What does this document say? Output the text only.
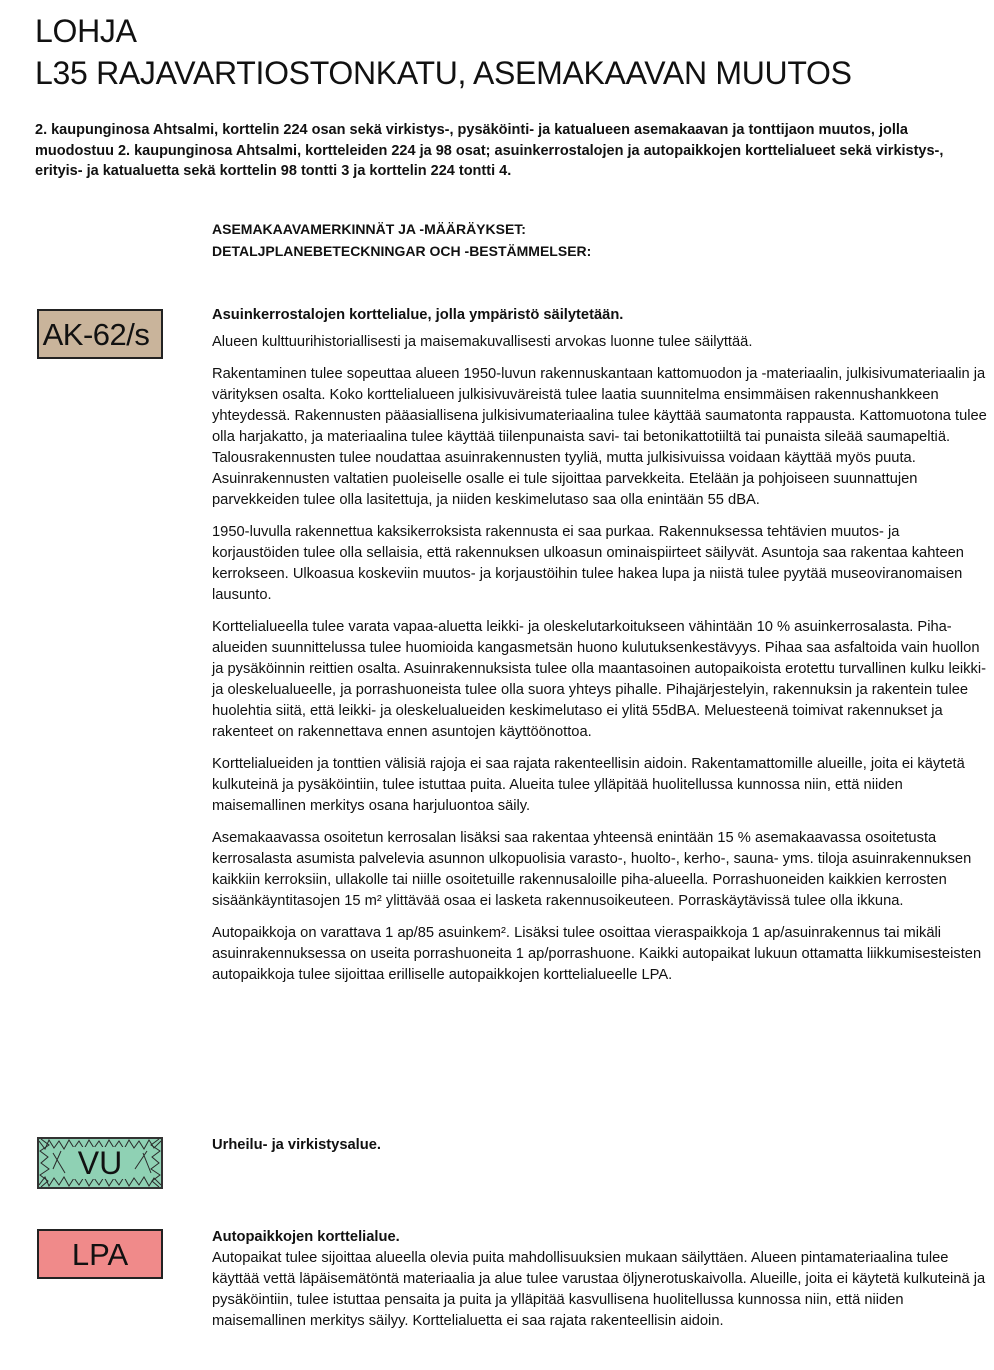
LOHJA
L35 RAJAVARTIOSTONKATU, ASEMAKAAVAN MUUTOS

2. kaupunginosa Ahtsalmi, korttelin 224 osan sekä virkistys-, pysäköinti- ja katualueen asemakaavan ja tonttijaon muutos, jolla muodostuu 2. kaupunginosa Ahtsalmi, kortteleiden 224 ja 98 osat; asuinkerrostalojen ja autopaikkojen korttelialueet sekä virkistys-, erityis- ja katualuetta sekä korttelin 98 tontti 3 ja korttelin 224 tontti 4.

ASEMAKAAVAMERKINNÄT JA -MÄÄRÄYKSET:
DETALJPLANEBETECKNINGAR OCH -BESTÄMMELSER:
AK-62/s

Asuinkerrostalojen korttelialue, jolla ympäristö säilytetään.

Alueen kulttuurihistoriallisesti ja maisemakuvallisesti arvokas luonne tulee säilyttää.

Rakentaminen tulee sopeuttaa alueen 1950-luvun rakennuskantaan kattomuodon ja -materiaalin, julkisivumateriaalin ja värityksen osalta. Koko korttelialueen julkisivuväreistä tulee laatia suunnitelma ensimmäisen rakennushankkeen yhteydessä. Rakennusten pääasiallisena julkisivumateriaalina tulee käyttää saumatonta rappausta. Kattomuotona tulee olla harjakatto, ja materiaalina tulee käyttää tiilenpunaista savi- tai betonikattotiiltä tai punaista sileää saumapeltiä. Talousrakennusten tulee noudattaa asuinrakennusten tyyliä, mutta julkisivuissa voidaan käyttää myös puuta. Asuinrakennusten valtatien puoleiselle osalle ei tule sijoittaa parvekkeita. Etelään ja pohjoiseen suunnattujen parvekkeiden tulee olla lasitettuja, ja niiden keskimelutaso saa olla enintään 55 dBA.

1950-luvulla rakennettua kaksikerroksista rakennusta ei saa purkaa. Rakennuksessa tehtävien muutos- ja korjaustöiden tulee olla sellaisia, että rakennuksen ulkoasun ominaispiirteet säilyvät. Asuntoja saa rakentaa kahteen kerrokseen. Ulkoasua koskeviin muutos- ja korjaustöihin tulee hakea lupa ja niistä tulee pyytää museoviranomaisen lausunto.

Korttelialueella tulee varata vapaa-aluetta leikki- ja oleskelutarkoitukseen vähintään 10 % asuinkerrosalasta. Piha-alueiden suunnittelussa tulee huomioida kangasmetsän huono kulutuksenkestävyys. Pihaa saa asfaltoida vain huollon ja pysäköinnin reittien osalta. Asuinrakennuksista tulee olla maantasoinen autopaikoista erotettu turvallinen kulku leikki- ja oleskelualueelle, ja porrashuoneista tulee olla suora yhteys pihalle. Pihajärjestelyin, rakennuksin ja rakentein tulee huolehtia siitä, että leikki- ja oleskelualueiden keskimelutaso ei ylitä 55dBA. Meluesteenä toimivat rakennukset ja rakenteet on rakennettava ennen asuntojen käyttöönottoa.

Korttelialueiden ja tonttien välisiä rajoja ei saa rajata rakenteellisin aidoin. Rakentamattomille alueille, joita ei käytetä kulkuteinä ja pysäköintiin, tulee istuttaa puita. Alueita tulee ylläpitää huolitellussa kunnossa niin, että niiden maisemallinen merkitys osana harjuluontoa säily.

Asemakaavassa osoitetun kerrosalan lisäksi saa rakentaa yhteensä enintään 15 % asemakaavassa osoitetusta kerrosalasta asumista palvelevia asunnon ulkopuolisia varasto-, huolto-, kerho-, sauna- yms. tiloja asuinrakennuksen kaikkiin kerroksiin, ullakolle tai niille osoitetuille rakennusaloille piha-alueella. Porrashuoneiden kaikkien kerrosten sisäänkäyntitasojen 15 m² ylittävää osaa ei lasketa rakennusoikeuteen. Porraskäytävissä tulee olla ikkuna.

Autopaikkoja on varattava 1 ap/85 asuinkem². Lisäksi tulee osoittaa vieraspaikkoja 1 ap/asuinrakennus tai mikäli asuinrakennuksessa on useita porrashuoneita 1 ap/porrashuone. Kaikki autopaikat lukuun ottamatta liikkumisesteisten autopaikkoja tulee sijoittaa erilliselle autopaikkojen korttelialueelle LPA.

VU	Urheilu- ja virkistysalue.

LPA	Autopaikkojen korttelialue.

Autopaikat tulee sijoittaa alueella olevia puita mahdollisuuksien mukaan säilyttäen. Alueen pintamateriaalina tulee käyttää vettä läpäisemätöntä materiaalia ja alue tulee varustaa öljynerotuskaivolla. Alueille, joita ei käytetä kulkuteinä ja pysäköintiin, tulee istuttaa pensaita ja puita ja ylläpitää kasvullisena huolitellussa kunnossa niin, että niiden maisemallinen merkitys säilyy. Korttelialuetta ei saa rajata rakenteellisin aidoin.
